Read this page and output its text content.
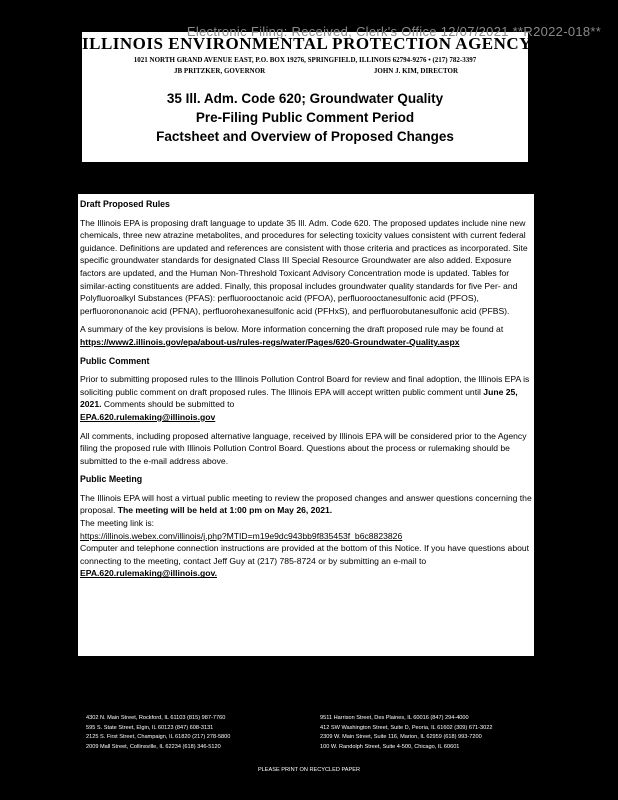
Electronic Filing: Received, Clerk's Office 12/07/2021 **R2022-018**
ILLINOIS ENVIRONMENTAL PROTECTION AGENCY
1021 NORTH GRAND AVENUE EAST, P.O. BOX 19276, SPRINGFIELD, ILLINOIS 62794-9276 • (217) 782-3397
JB PRITZKER, GOVERNOR	JOHN J. KIM, DIRECTOR
35 Ill. Adm. Code 620; Groundwater Quality
Pre-Filing Public Comment Period
Factsheet and Overview of Proposed Changes
Draft Proposed Rules

The Illinois EPA is proposing draft language to update 35 Ill. Adm. Code 620. The proposed updates include nine new chemicals, three new atrazine metabolites, and procedures for selecting toxicity values consistent with current federal guidance. Definitions are updated and references are consistent with those criteria and practices as incorporated. Site specific groundwater standards for designated Class III Special Resource Groundwater are also added. Exposure factors are updated, and the Human Non-Threshold Toxicant Advisory Concentration mode is updated. Tables for similar-acting constituents are added. Finally, this proposal includes groundwater quality standards for five Per- and Polyfluoroalkyl Substances (PFAS): perfluorooctanoic acid (PFOA), perfluorooctanesulfonic acid (PFOS), perfluorononanoic acid (PFNA), perfluorohexanesulfonic acid (PFHxS), and perfluorobutanesulfonic acid (PFBS).

A summary of the key provisions is below. More information concerning the draft proposed rule may be found at
https://www2.illinois.gov/epa/about-us/rules-regs/water/Pages/620-Groundwater-Quality.aspx

Public Comment

Prior to submitting proposed rules to the Illinois Pollution Control Board for review and final adoption, the Illinois EPA is soliciting public comment on draft proposed rules. The Illinois EPA will accept written public comment until June 25, 2021. Comments should be submitted to
EPA.620.rulemaking@illinois.gov

All comments, including proposed alternative language, received by Illinois EPA will be considered prior to the Agency filing the proposed rule with Illinois Pollution Control Board. Questions about the process or rulemaking should be submitted to the e-mail address above.

Public Meeting

The Illinois EPA will host a virtual public meeting to review the proposed changes and answer questions concerning the proposal. The meeting will be held at 1:00 pm on May 26, 2021.
The meeting link is:
https://illinois.webex.com/illinois/j.php?MTID=m19e9dc943bb9f835453f_b6c8823826
Computer and telephone connection instructions are provided at the bottom of this Notice. If you have questions about connecting to the meeting, contact Jeff Guy at (217) 785-8724 or by submitting an e-mail to EPA.620.rulemaking@illinois.gov.

4302 N. Main Street, Rockford, IL 61103 (815) 987-7760
595 S. State Street, Elgin, IL 60123 (847) 608-3131
2125 S. First Street, Champaign, IL 61820 (217) 278-5800
2009 Mall Street, Collinsville, IL 62234 (618) 346-5120
9511 Harrison Street, Des Plaines, IL 60016 (847) 294-4000
412 SW Washington Street, Suite D, Peoria, IL 61602 (309) 671-3022
2309 W. Main Street, Suite 116, Marion, IL 62959 (618) 993-7200
100 W. Randolph Street, Suite 4-500, Chicago, IL 60601
PLEASE PRINT ON RECYCLED PAPER
